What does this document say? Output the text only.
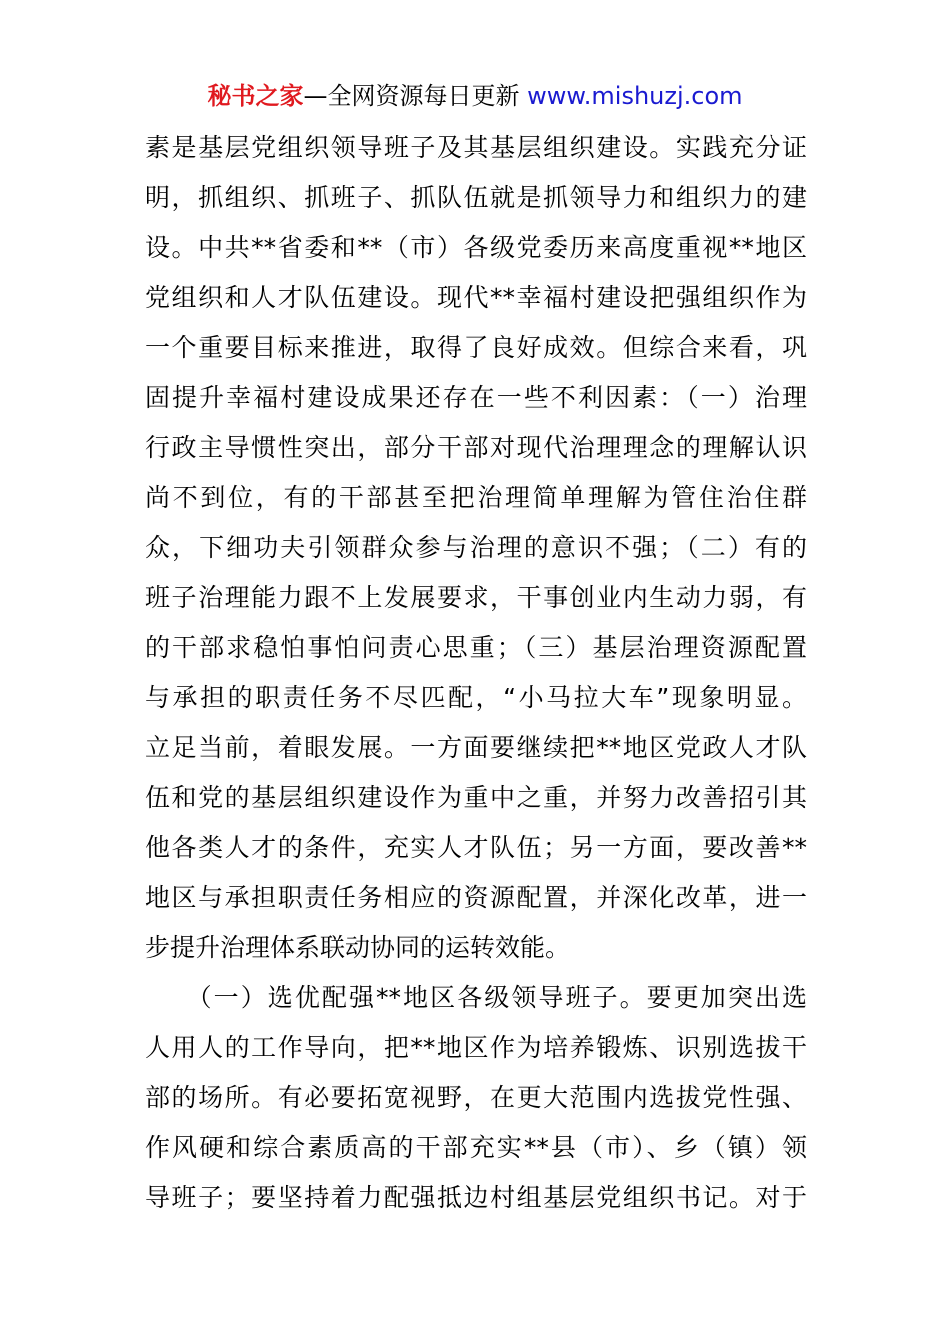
秘书之家—全网资源每日更新 www.mishuzj.com
素是基层党组织领导班子及其基层组织建设。实践充分证
明，抓组织、抓班子、抓队伍就是抓领导力和组织力的建
设。中共**省委和**（市）各级党委历来高度重视**地区
党组织和人才队伍建设。现代**幸福村建设把强组织作为
一个重要目标来推进，取得了良好成效。但综合来看，巩
固提升幸福村建设成果还存在一些不利因素：（一）治理
行政主导惯性突出，部分干部对现代治理理念的理解认识
尚不到位，有的干部甚至把治理简单理解为管住治住群
众，下细功夫引领群众参与治理的意识不强；（二）有的
班子治理能力跟不上发展要求，干事创业内生动力弱，有
的干部求稳怕事怕问责心思重；（三）基层治理资源配置
与承担的职责任务不尽匹配，“小马拉大车”现象明显。
立足当前，着眼发展。一方面要继续把**地区党政人才队
伍和党的基层组织建设作为重中之重，并努力改善招引其
他各类人才的条件，充实人才队伍；另一方面，要改善**
地区与承担职责任务相应的资源配置，并深化改革，进一
步提升治理体系联动协同的运转效能。
　　（一）选优配强**地区各级领导班子。要更加突出选
人用人的工作导向，把**地区作为培养锻炼、识别选拔干
部的场所。有必要拓宽视野，在更大范围内选拔党性强、
作风硬和综合素质高的干部充实**县（市）、乡（镇）领
导班子；要坚持着力配强抵边村组基层党组织书记。对于
